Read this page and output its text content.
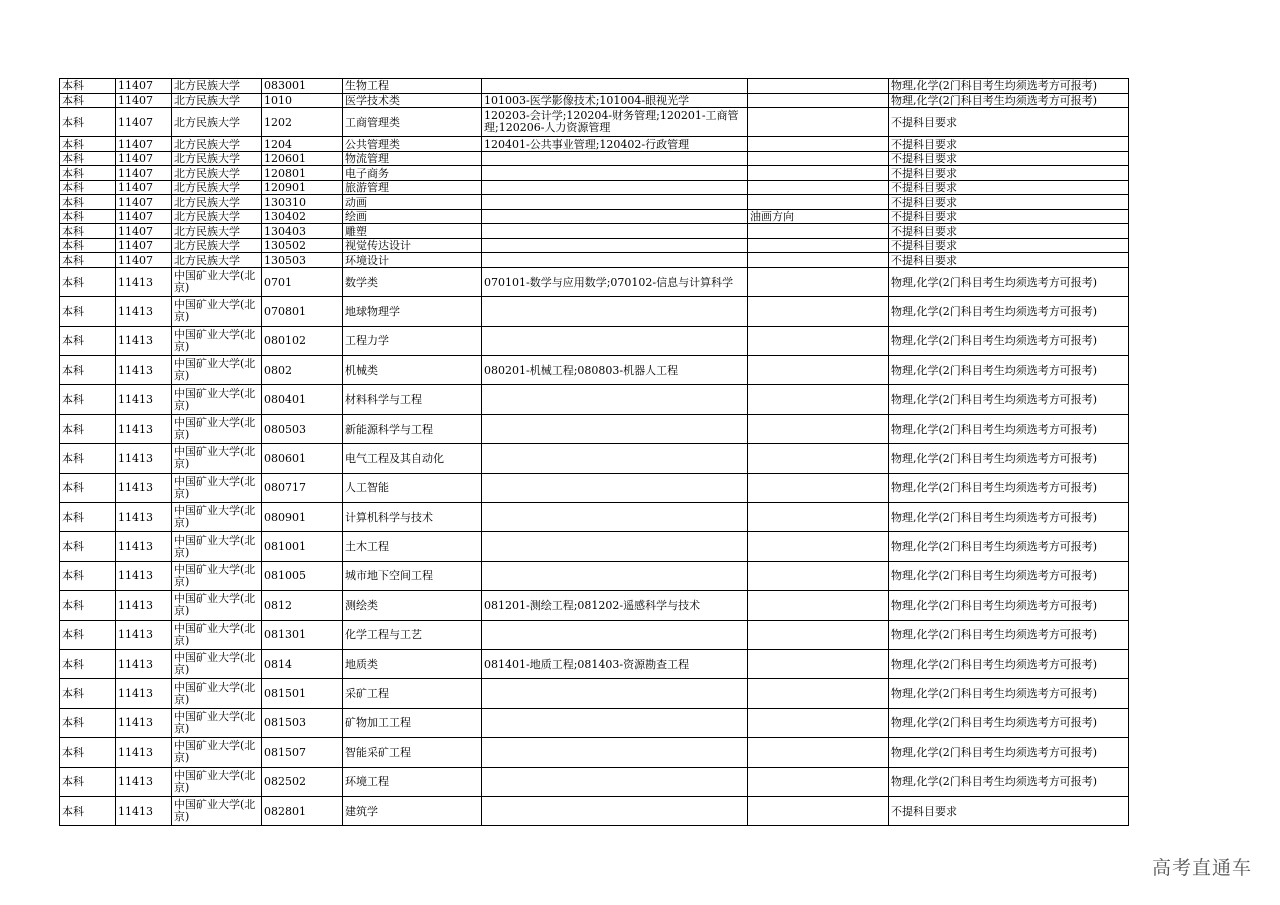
本科	11407	北方民族大学	083001	生物工程			物理,化学(2门科目考生均须选考方可报考)
本科	11407	北方民族大学	1010	医学技术类	101003-医学影像技术;101004-眼视光学		物理,化学(2门科目考生均须选考方可报考)
本科	11407	北方民族大学	1202	工商管理类	120203-会计学;120204-财务管理;120201-工商管理;120206-人力资源管理		不提科目要求
本科	11407	北方民族大学	1204	公共管理类	120401-公共事业管理;120402-行政管理		不提科目要求
本科	11407	北方民族大学	120601	物流管理			不提科目要求
本科	11407	北方民族大学	120801	电子商务			不提科目要求
本科	11407	北方民族大学	120901	旅游管理			不提科目要求
本科	11407	北方民族大学	130310	动画			不提科目要求
本科	11407	北方民族大学	130402	绘画		油画方向	不提科目要求
本科	11407	北方民族大学	130403	雕塑			不提科目要求
本科	11407	北方民族大学	130502	视觉传达设计			不提科目要求
本科	11407	北方民族大学	130503	环境设计			不提科目要求
本科	11413	中国矿业大学(北京)	0701	数学类	070101-数学与应用数学;070102-信息与计算科学		物理,化学(2门科目考生均须选考方可报考)
本科	11413	中国矿业大学(北京)	070801	地球物理学			物理,化学(2门科目考生均须选考方可报考)
本科	11413	中国矿业大学(北京)	080102	工程力学			物理,化学(2门科目考生均须选考方可报考)
本科	11413	中国矿业大学(北京)	0802	机械类	080201-机械工程;080803-机器人工程		物理,化学(2门科目考生均须选考方可报考)
本科	11413	中国矿业大学(北京)	080401	材料科学与工程			物理,化学(2门科目考生均须选考方可报考)
本科	11413	中国矿业大学(北京)	080503	新能源科学与工程			物理,化学(2门科目考生均须选考方可报考)
本科	11413	中国矿业大学(北京)	080601	电气工程及其自动化			物理,化学(2门科目考生均须选考方可报考)
本科	11413	中国矿业大学(北京)	080717	人工智能			物理,化学(2门科目考生均须选考方可报考)
本科	11413	中国矿业大学(北京)	080901	计算机科学与技术			物理,化学(2门科目考生均须选考方可报考)
本科	11413	中国矿业大学(北京)	081001	土木工程			物理,化学(2门科目考生均须选考方可报考)
本科	11413	中国矿业大学(北京)	081005	城市地下空间工程			物理,化学(2门科目考生均须选考方可报考)
本科	11413	中国矿业大学(北京)	0812	测绘类	081201-测绘工程;081202-遥感科学与技术		物理,化学(2门科目考生均须选考方可报考)
本科	11413	中国矿业大学(北京)	081301	化学工程与工艺			物理,化学(2门科目考生均须选考方可报考)
本科	11413	中国矿业大学(北京)	0814	地质类	081401-地质工程;081403-资源勘查工程		物理,化学(2门科目考生均须选考方可报考)
本科	11413	中国矿业大学(北京)	081501	采矿工程			物理,化学(2门科目考生均须选考方可报考)
本科	11413	中国矿业大学(北京)	081503	矿物加工工程			物理,化学(2门科目考生均须选考方可报考)
本科	11413	中国矿业大学(北京)	081507	智能采矿工程			物理,化学(2门科目考生均须选考方可报考)
本科	11413	中国矿业大学(北京)	082502	环境工程			物理,化学(2门科目考生均须选考方可报考)
本科	11413	中国矿业大学(北京)	082801	建筑学			不提科目要求
高考直通车
